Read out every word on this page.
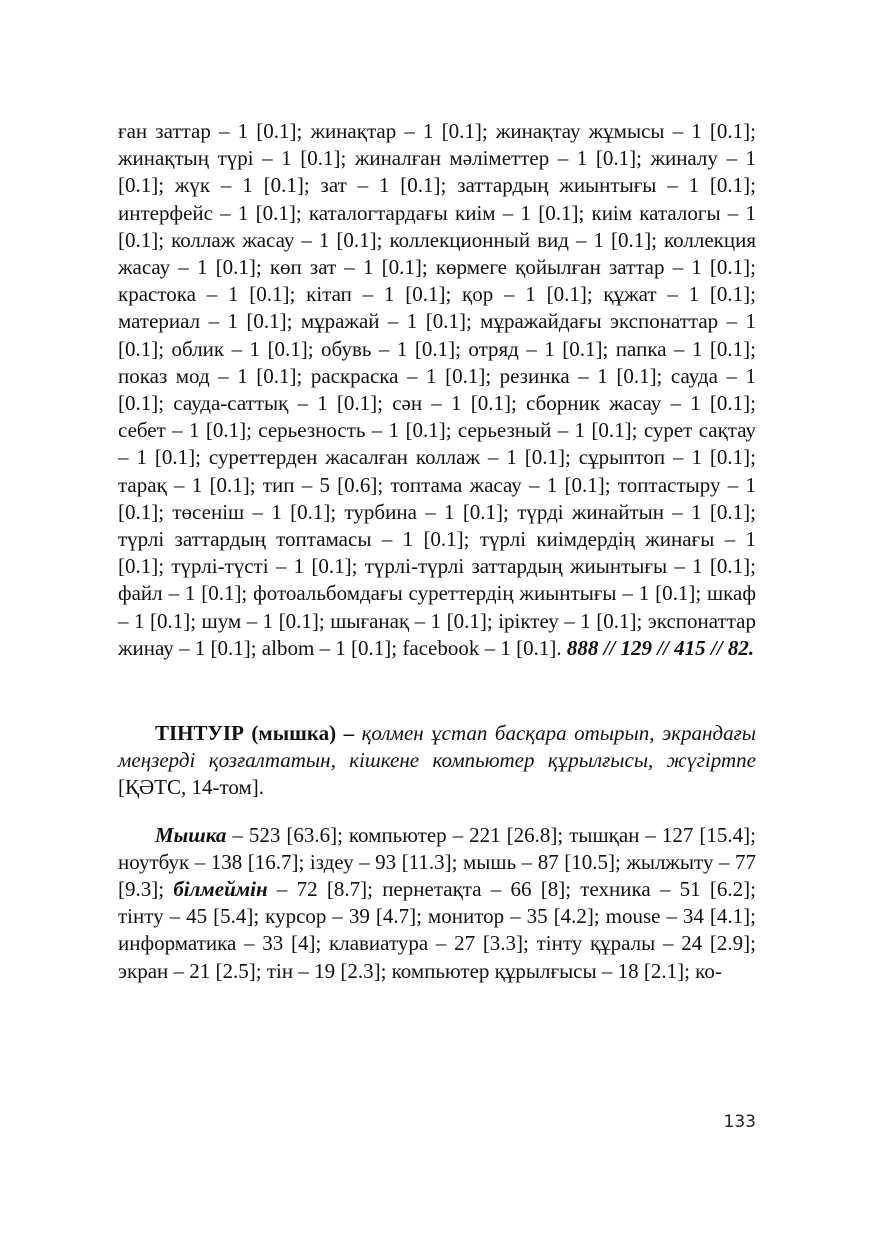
ған заттар – 1 [0.1]; жинақтар – 1 [0.1]; жинақтау жұмысы – 1 [0.1]; жинақтың түрі – 1 [0.1]; жиналған мәліметтер – 1 [0.1]; жиналу – 1 [0.1]; жүк – 1 [0.1]; зат – 1 [0.1]; заттардың жиынтығы – 1 [0.1]; интерфейс – 1 [0.1]; каталогтардағы киім – 1 [0.1]; киім каталогы – 1 [0.1]; коллаж жасау – 1 [0.1]; коллекционный вид – 1 [0.1]; коллекция жасау – 1 [0.1]; көп зат – 1 [0.1]; көрмеге қойылған заттар – 1 [0.1]; крастока – 1 [0.1]; кітап – 1 [0.1]; қор – 1 [0.1]; құжат – 1 [0.1]; материал – 1 [0.1]; мұражай – 1 [0.1]; мұражайдағы экспонаттар – 1 [0.1]; облик – 1 [0.1]; обувь – 1 [0.1]; отряд – 1 [0.1]; папка – 1 [0.1]; показ мод – 1 [0.1]; раскраска – 1 [0.1]; резинка – 1 [0.1]; сауда – 1 [0.1]; сауда-саттық – 1 [0.1]; сән – 1 [0.1]; сборник жасау – 1 [0.1]; себет – 1 [0.1]; серьезность – 1 [0.1]; серьезный – 1 [0.1]; сурет сақтау – 1 [0.1]; суреттерден жасалған коллаж – 1 [0.1]; сұрыптоп – 1 [0.1]; тарақ – 1 [0.1]; тип – 5 [0.6]; топтама жасау – 1 [0.1]; топтастыру – 1 [0.1]; төсеніш – 1 [0.1]; турбина – 1 [0.1]; түрді жинайтын – 1 [0.1]; түрлі заттардың топтамасы – 1 [0.1]; түрлі киімдердің жинағы – 1 [0.1]; түрлі-түсті – 1 [0.1]; түрлі-түрлі заттардың жиынтығы – 1 [0.1]; файл – 1 [0.1]; фотоальбомдағы суреттердің жиынтығы – 1 [0.1]; шкаф – 1 [0.1]; шум – 1 [0.1]; шығанақ – 1 [0.1]; іріктеу – 1 [0.1]; экспонаттар жинау – 1 [0.1]; albom – 1 [0.1]; facebook – 1 [0.1]. 888 // 129 // 415 // 82.

ТІНТУІР (мышка) – қолмен ұстап басқара отырып, экрандағы меңзерді қозғалтатын, кішкене компьютер құрылғысы, жүгіртпе [ҚӘТС, 14-том].

Мышка – 523 [63.6]; компьютер – 221 [26.8]; тышқан – 127 [15.4]; ноутбук – 138 [16.7]; іздеу – 93 [11.3]; мышь – 87 [10.5]; жылжыту – 77 [9.3]; білмеймін – 72 [8.7]; пернетақта – 66 [8]; техника – 51 [6.2]; тінту – 45 [5.4]; курсор – 39 [4.7]; монитор – 35 [4.2]; mouse – 34 [4.1]; информатика – 33 [4]; клавиатура – 27 [3.3]; тінту құралы – 24 [2.9]; экран – 21 [2.5]; тін – 19 [2.3]; компьютер құрылғысы – 18 [2.1]; ко-

133
